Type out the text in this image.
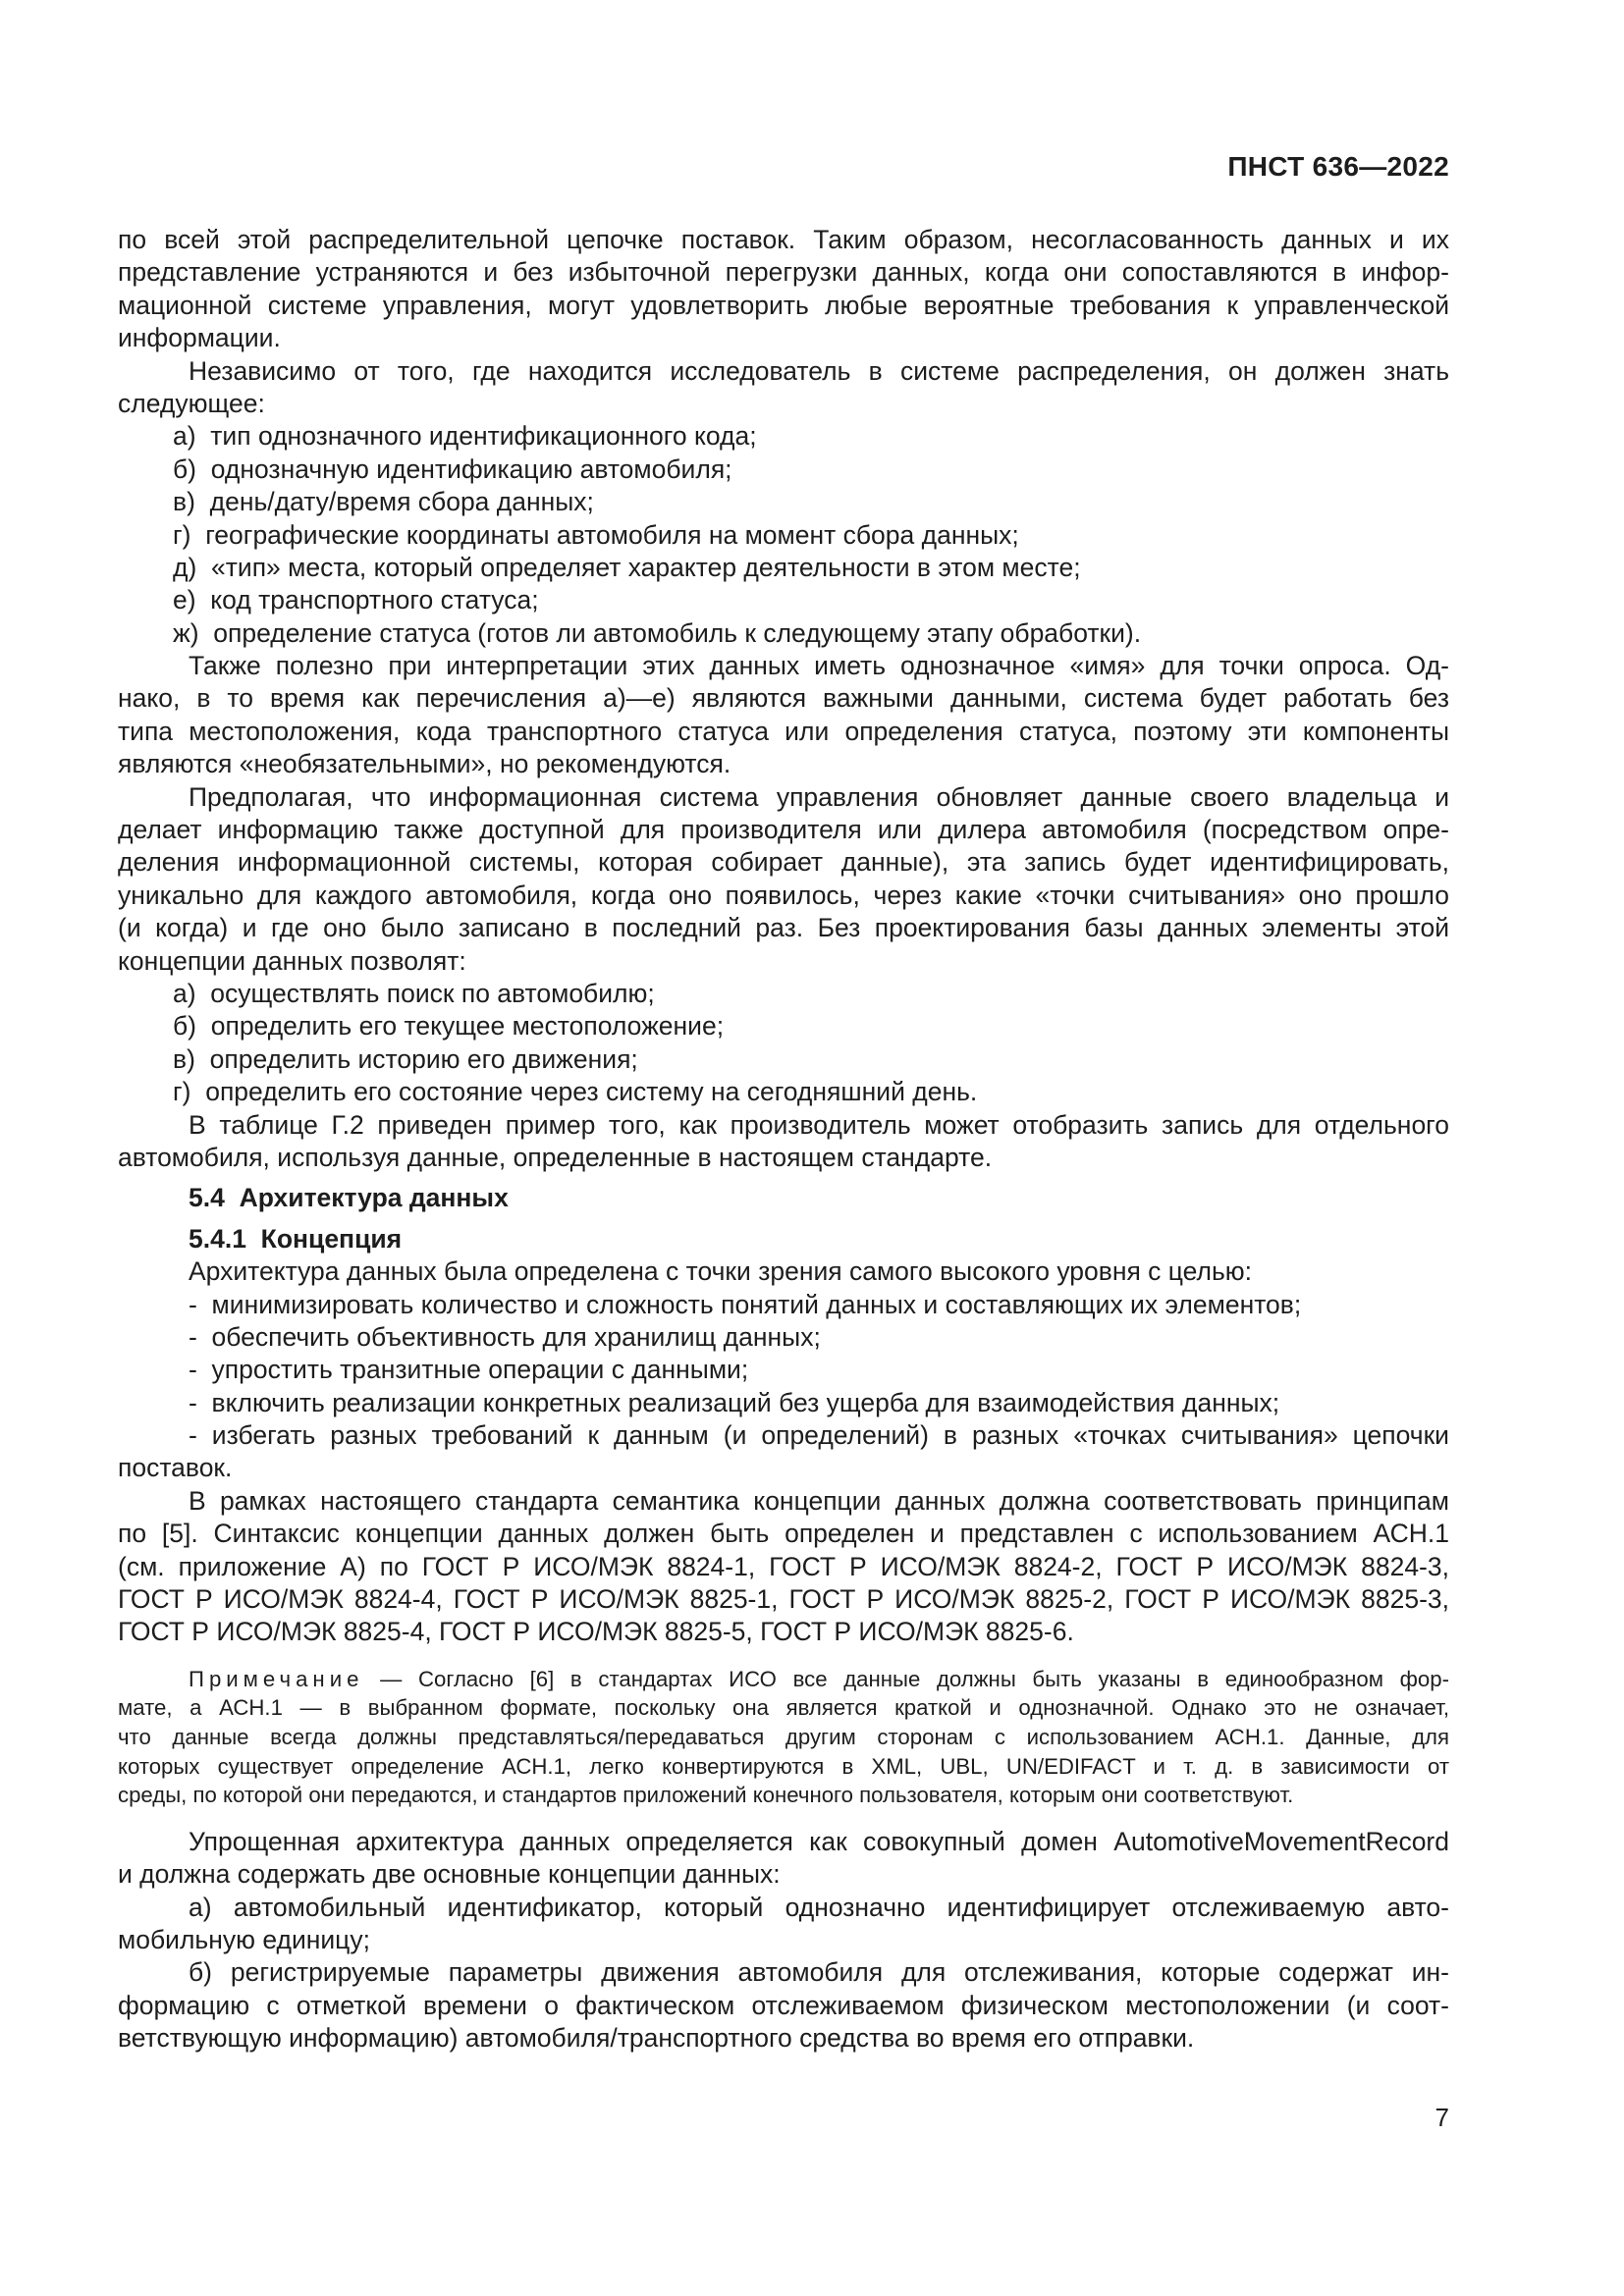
ПНСТ 636—2022
по всей этой распределительной цепочке поставок. Таким образом, несогласованность данных и их
представление устраняются и без избыточной перегрузки данных, когда они сопоставляются в инфор-
мационной системе управления, могут удовлетворить любые вероятные требования к управленческой
информации.
Независимо от того, где находится исследователь в системе распределения, он должен знать
следующее:
а)  тип однозначного идентификационного кода;
б)  однозначную идентификацию автомобиля;
в)  день/дату/время сбора данных;
г)  географические координаты автомобиля на момент сбора данных;
д)  «тип» места, который определяет характер деятельности в этом месте;
е)  код транспортного статуса;
ж)  определение статуса (готов ли автомобиль к следующему этапу обработки).
Также полезно при интерпретации этих данных иметь однозначное «имя» для точки опроса. Од-
нако, в то время как перечисления а)—е) являются важными данными, система будет работать без
типа местоположения, кода транспортного статуса или определения статуса, поэтому эти компоненты
являются «необязательными», но рекомендуются.
Предполагая, что информационная система управления обновляет данные своего владельца и
делает информацию также доступной для производителя или дилера автомобиля (посредством опре-
деления информационной системы, которая собирает данные), эта запись будет идентифицировать,
уникально для каждого автомобиля, когда оно появилось, через какие «точки считывания» оно прошло
(и когда) и где оно было записано в последний раз. Без проектирования базы данных элементы этой
концепции данных позволят:
а)  осуществлять поиск по автомобилю;
б)  определить его текущее местоположение;
в)  определить историю его движения;
г)  определить его состояние через систему на сегодняшний день.
В таблице Г.2 приведен пример того, как производитель может отобразить запись для отдельного
автомобиля, используя данные, определенные в настоящем стандарте.
5.4  Архитектура данных
5.4.1  Концепция
Архитектура данных была определена с точки зрения самого высокого уровня с целью:
-  минимизировать количество и сложность понятий данных и составляющих их элементов;
-  обеспечить объективность для хранилищ данных;
-  упростить транзитные операции с данными;
-  включить реализации конкретных реализаций без ущерба для взаимодействия данных;
- избегать разных требований к данным (и определений) в разных «точках считывания» цепочки
поставок.
В рамках настоящего стандарта семантика концепции данных должна соответствовать принципам
по [5]. Синтаксис концепции данных должен быть определен и представлен с использованием АСН.1
(см. приложение А) по ГОСТ Р ИСО/МЭК 8824-1, ГОСТ Р ИСО/МЭК 8824-2, ГОСТ Р ИСО/МЭК 8824-3,
ГОСТ Р ИСО/МЭК 8824-4, ГОСТ Р ИСО/МЭК 8825-1, ГОСТ Р ИСО/МЭК 8825-2, ГОСТ Р ИСО/МЭК 8825-3,
ГОСТ Р ИСО/МЭК 8825-4, ГОСТ Р ИСО/МЭК 8825-5, ГОСТ Р ИСО/МЭК 8825-6.
Примечание — Согласно [6] в стандартах ИСО все данные должны быть указаны в единообразном фор-
мате, а АСН.1 — в выбранном формате, поскольку она является краткой и однозначной. Однако это не означает,
что данные всегда должны представляться/передаваться другим сторонам с использованием АСН.1. Данные, для
которых существует определение АСН.1, легко конвертируются в XML, UBL, UN/EDIFACT и т. д. в зависимости от
среды, по которой они передаются, и стандартов приложений конечного пользователя, которым они соответствуют.
Упрощенная архитектура данных определяется как совокупный домен AutomotiveMovementRecord
и должна содержать две основные концепции данных:
а) автомобильный идентификатор, который однозначно идентифицирует отслеживаемую авто-
мобильную единицу;
б) регистрируемые параметры движения автомобиля для отслеживания, которые содержат ин-
формацию с отметкой времени о фактическом отслеживаемом физическом местоположении (и соот-
ветствующую информацию) автомобиля/транспортного средства во время его отправки.
7
